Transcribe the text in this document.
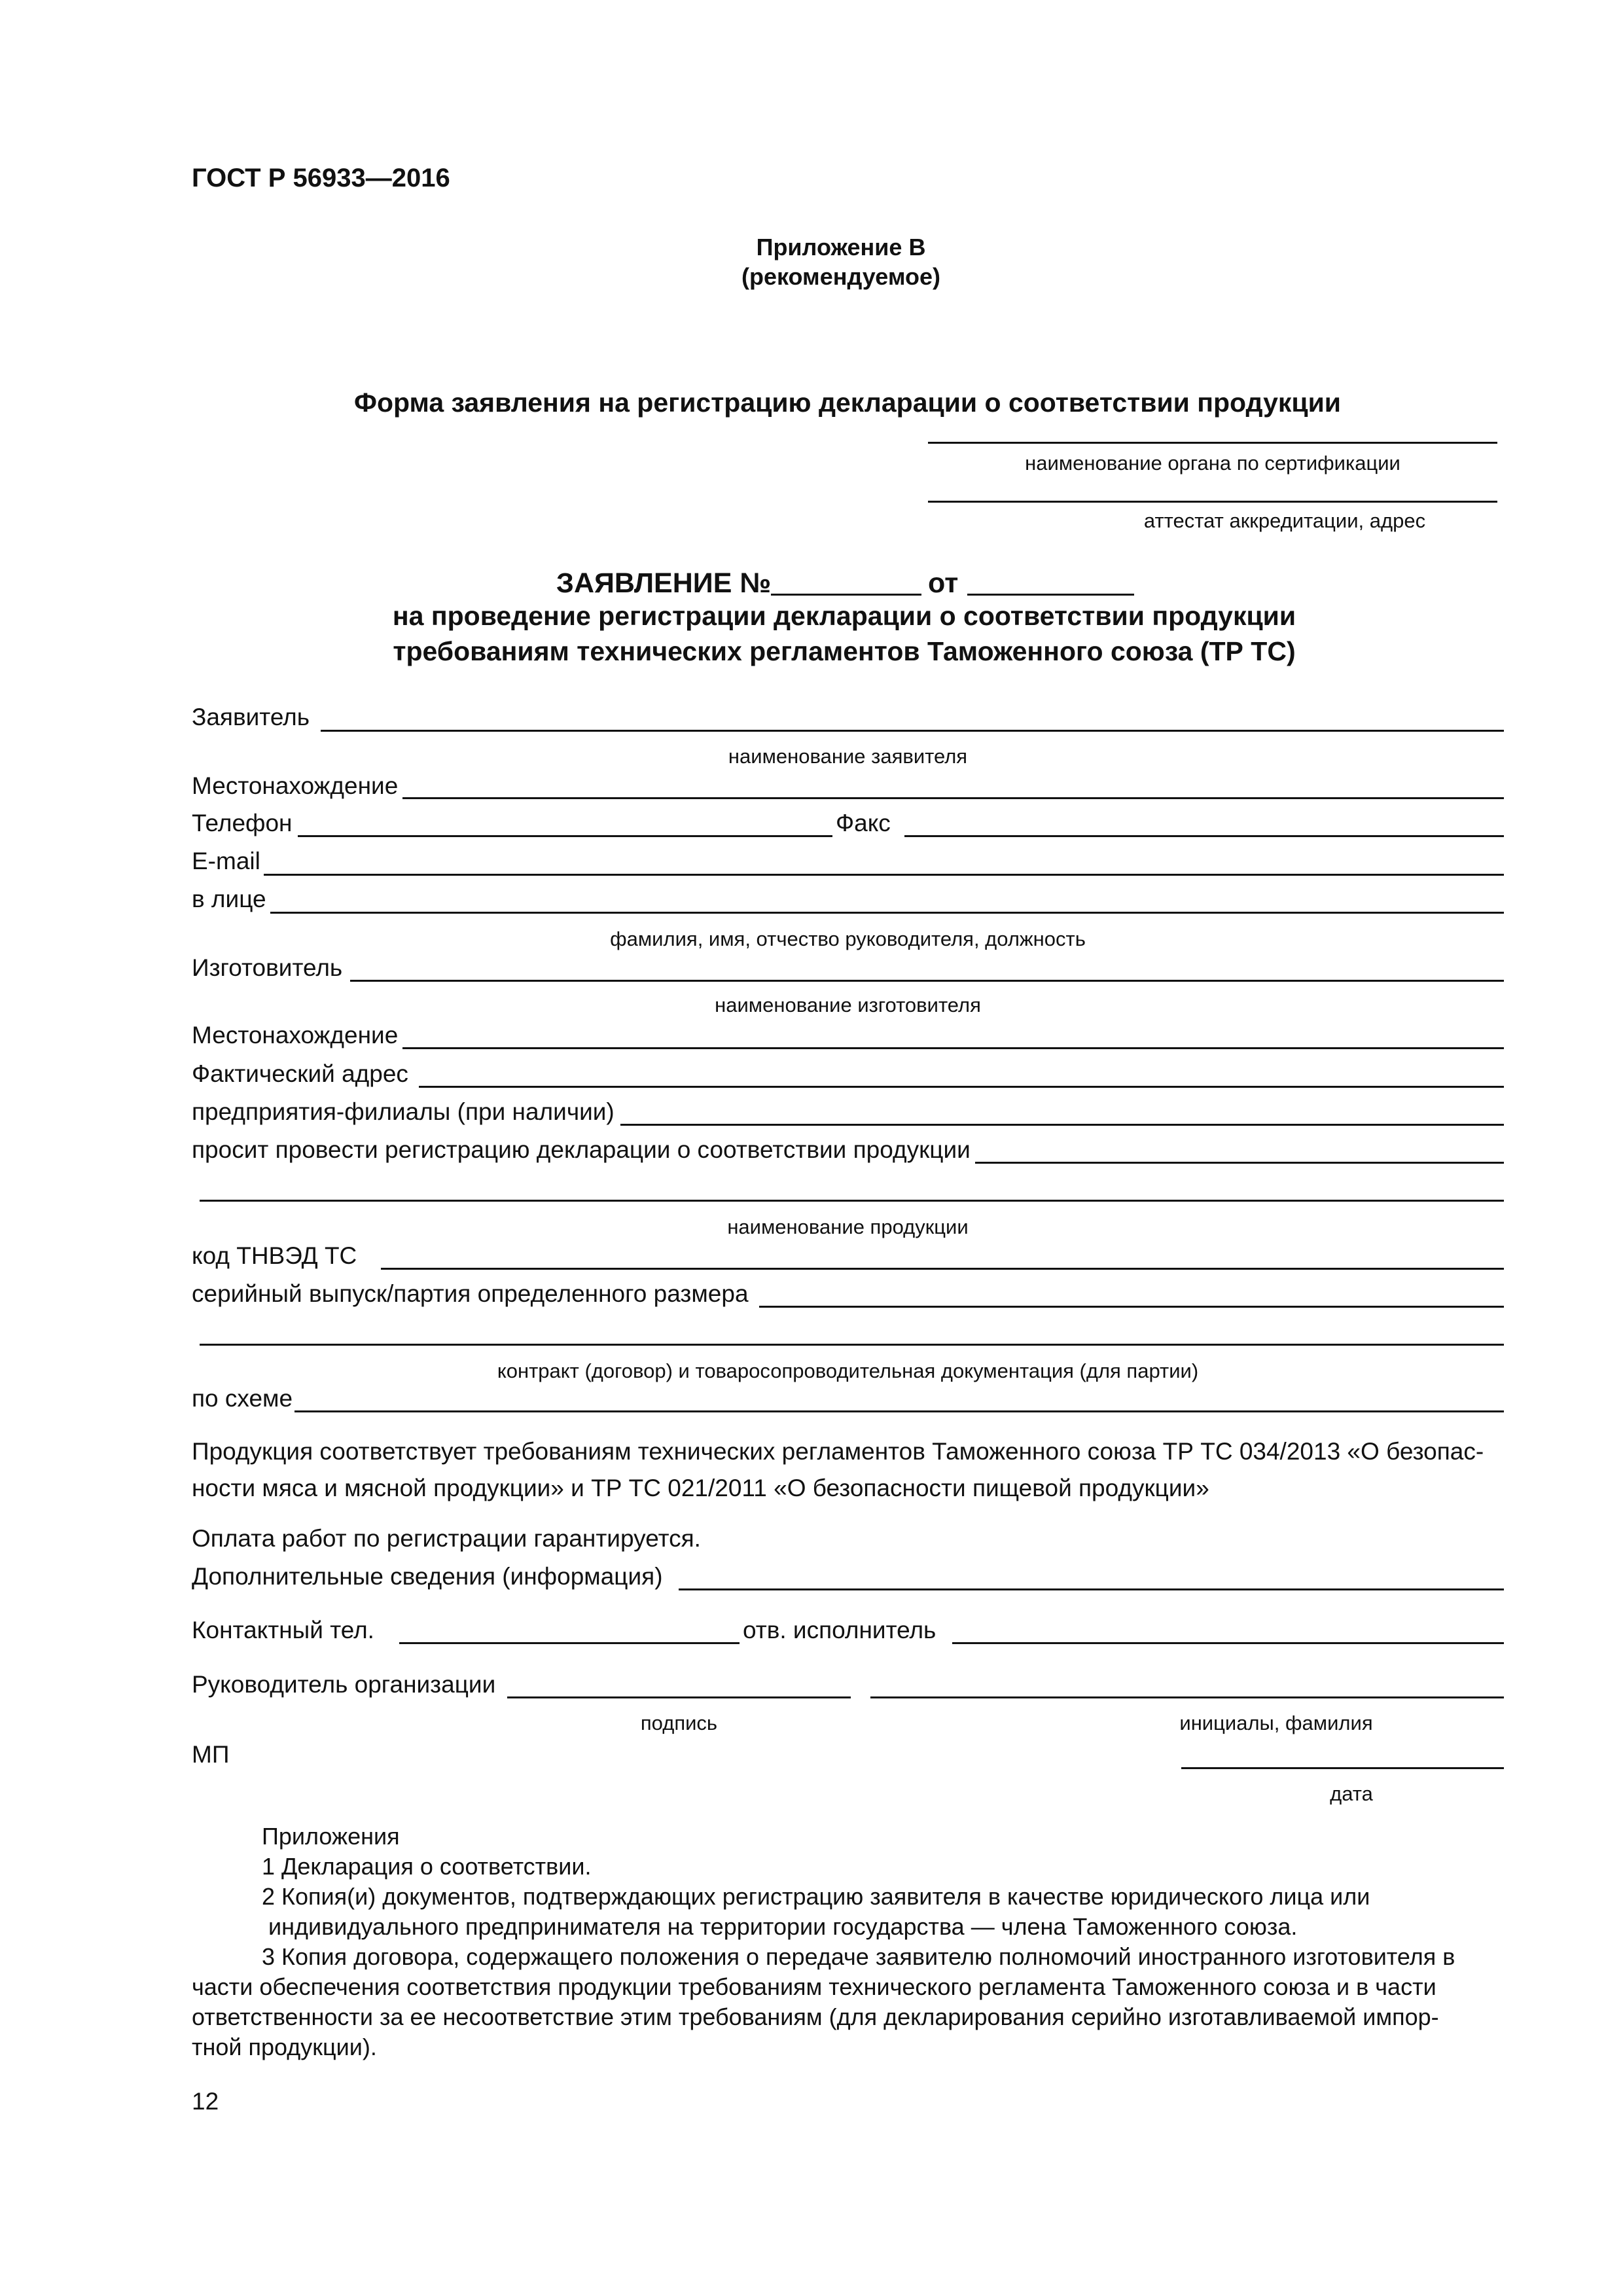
ГОСТ Р 56933—2016
Приложение В
(рекомендуемое)
Форма заявления на регистрацию декларации о соответствии продукции
наименование органа по сертификации
аттестат аккредитации, адрес
ЗАЯВЛЕНИЕ №	от
на проведение регистрации декларации о соответствии продукции
требованиям технических регламентов Таможенного союза (ТР ТС)
Заявитель
наименование заявителя
Местонахождение
Телефон	Факс
E-mail
в лице
фамилия, имя, отчество руководителя, должность
Изготовитель
наименование изготовителя
Местонахождение
Фактический адрес
предприятия-филиалы (при наличии)
просит провести регистрацию декларации о соответствии продукции
наименование продукции
код ТНВЭД ТС
серийный выпуск/партия определенного размера
контракт (договор) и товаросопроводительная документация (для партии)
по схеме
Продукция соответствует требованиям технических регламентов Таможенного союза ТР ТС 034/2013 «О безопас-
ности мяса и мясной продукции» и ТР ТС 021/2011 «О безопасности пищевой продукции»
Оплата работ по регистрации гарантируется.
Дополнительные сведения (информация)
Контактный тел.	отв. исполнитель
Руководитель организации
подпись	инициалы, фамилия
МП
дата
Приложения
1 Декларация о соответствии.
2 Копия(и) документов, подтверждающих регистрацию заявителя в качестве юридического лица или
индивидуального предпринимателя на территории государства — члена Таможенного союза.
3 Копия договора, содержащего положения о передаче заявителю полномочий иностранного изготовителя в
части обеспечения соответствия продукции требованиям технического регламента Таможенного союза и в части
ответственности за ее несоответствие этим требованиям (для декларирования серийно изготавливаемой импор-
тной продукции).
12
